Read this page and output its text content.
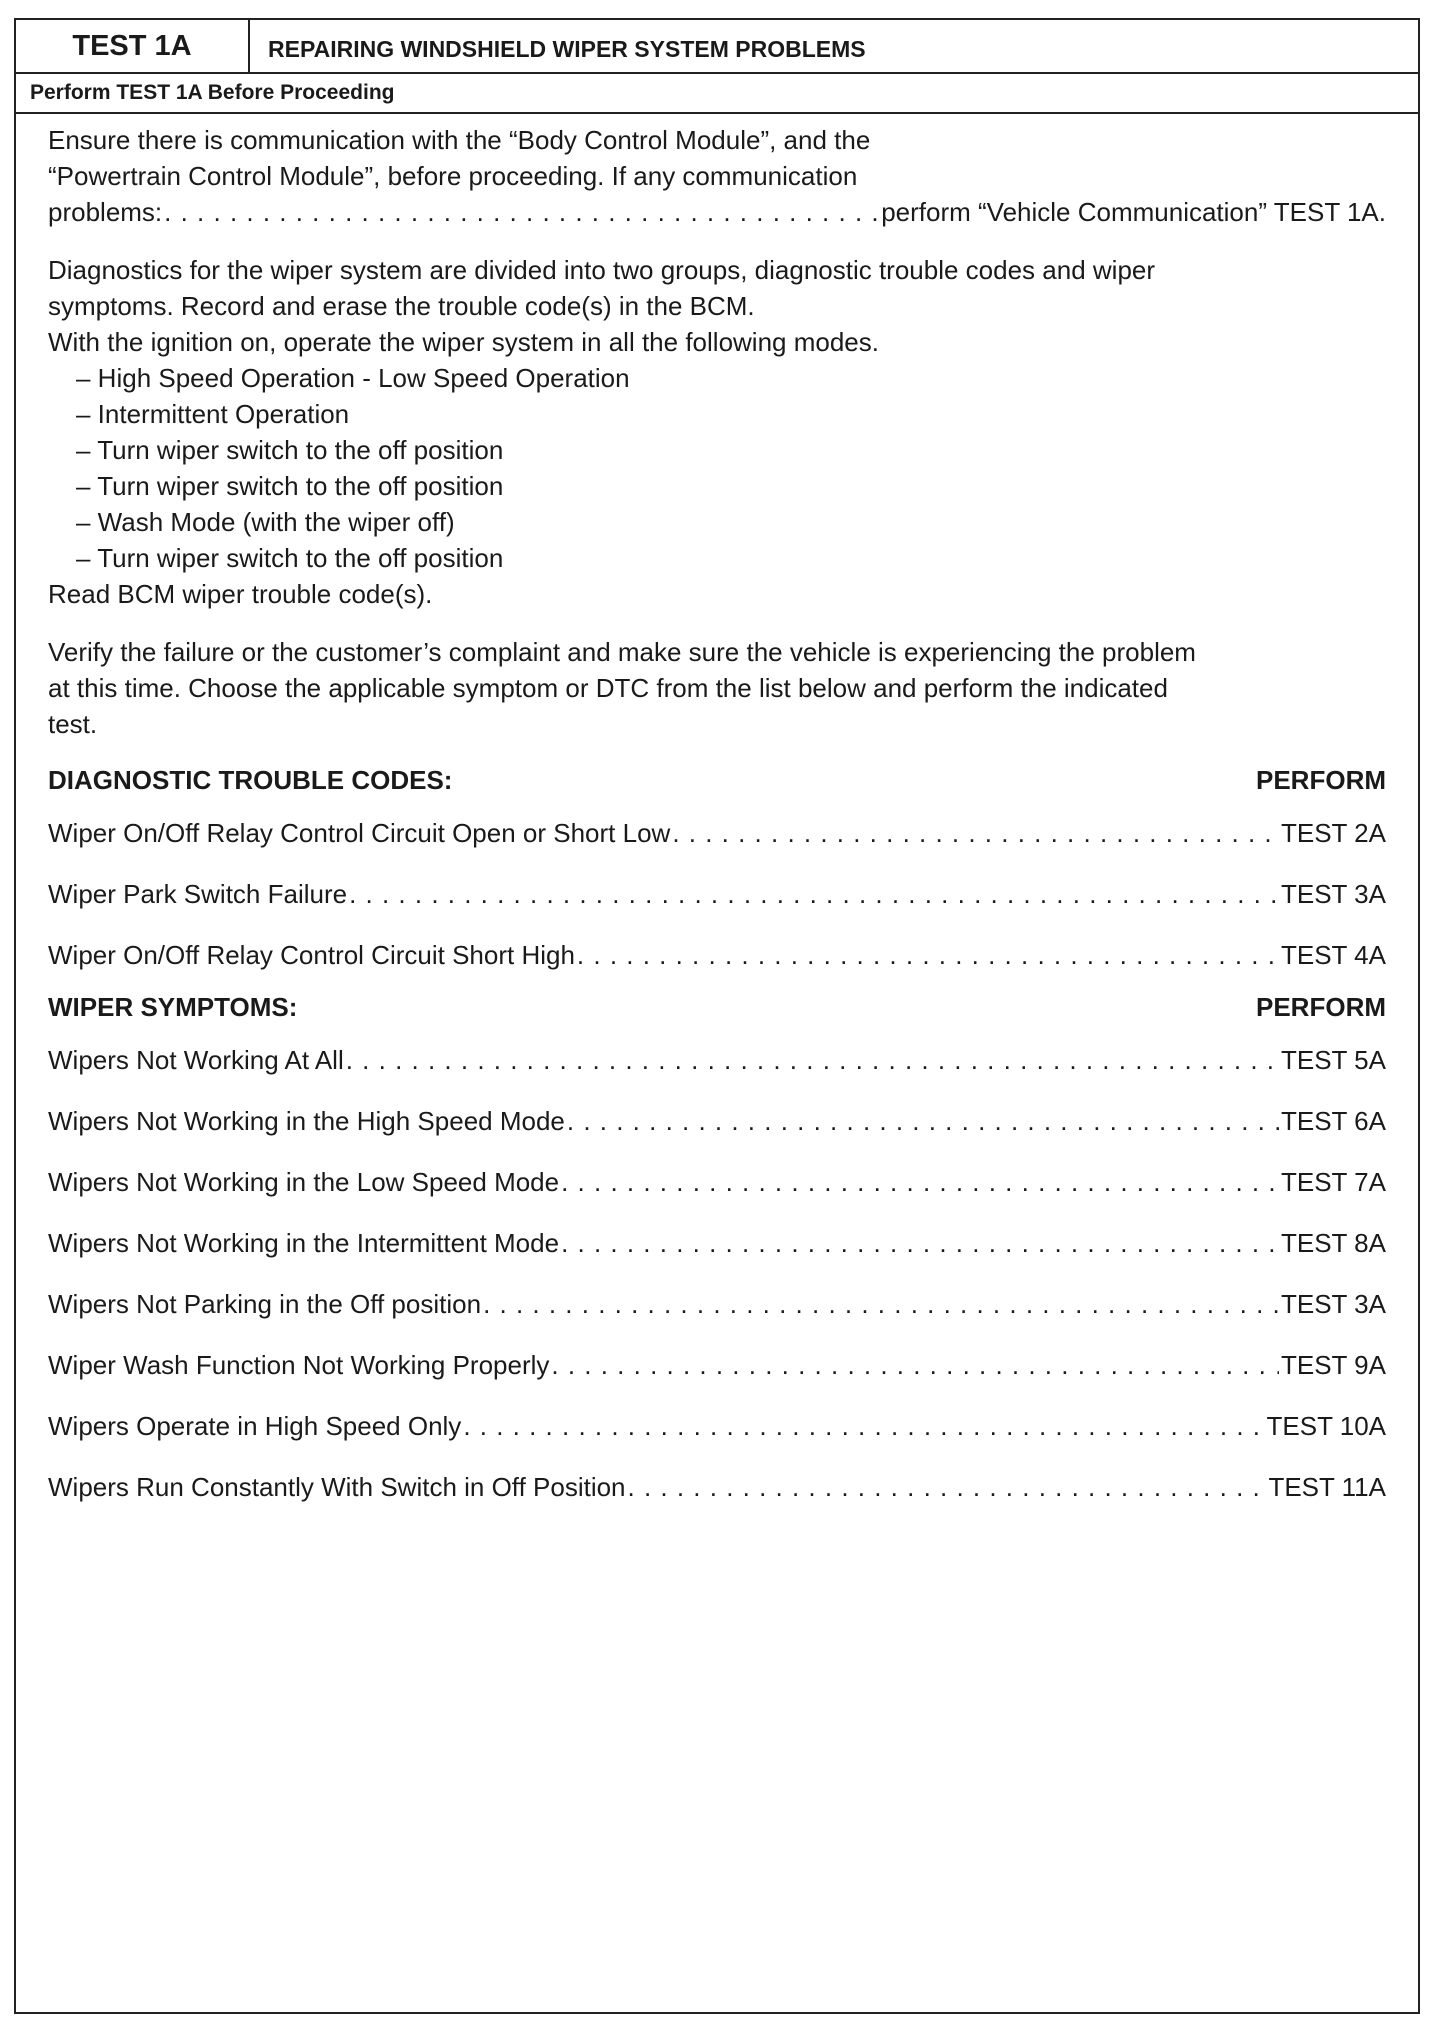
TEST 1A	REPAIRING WINDSHIELD WIPER SYSTEM PROBLEMS
Perform TEST 1A Before Proceeding

Ensure there is communication with the “Body Control Module”, and the

“Powertrain Control Module”, before proceeding. If any communication

problems: . . .	perform “Vehicle Communication” TEST 1A.

Diagnostics for the wiper system are divided into two groups, diagnostic trouble codes and wiper

symptoms. Record and erase the trouble code(s) in the BCM.

With the ignition on, operate the wiper system in all the following modes.

– High Speed Operation - Low Speed Operation
– Intermittent Operation
– Turn wiper switch to the off position
– Turn wiper switch to the off position
– Wash Mode (with the wiper off)
– Turn wiper switch to the off position

Read BCM wiper trouble code(s).

Verify the failure or the customer’s complaint and make sure the vehicle is experiencing the problem

at this time. Choose the applicable symptom or DTC from the list below and perform the indicated

test.

DIAGNOSTIC TROUBLE CODES:	PERFORM
Wiper On/Off Relay Control Circuit Open or Short Low . . .	TEST 2A
Wiper Park Switch Failure . . .	TEST 3A
Wiper On/Off Relay Control Circuit Short High . . .	TEST 4A
WIPER SYMPTOMS:	PERFORM
Wipers Not Working At All . . .	TEST 5A
Wipers Not Working in the High Speed Mode . . .	TEST 6A
Wipers Not Working in the Low Speed Mode . . .	TEST 7A
Wipers Not Working in the Intermittent Mode . . .	TEST 8A
Wipers Not Parking in the Off position . . .	TEST 3A
Wiper Wash Function Not Working Properly . . .	TEST 9A
Wipers Operate in High Speed Only . . .	TEST 10A
Wipers Run Constantly With Switch in Off Position . . .	TEST 11A
